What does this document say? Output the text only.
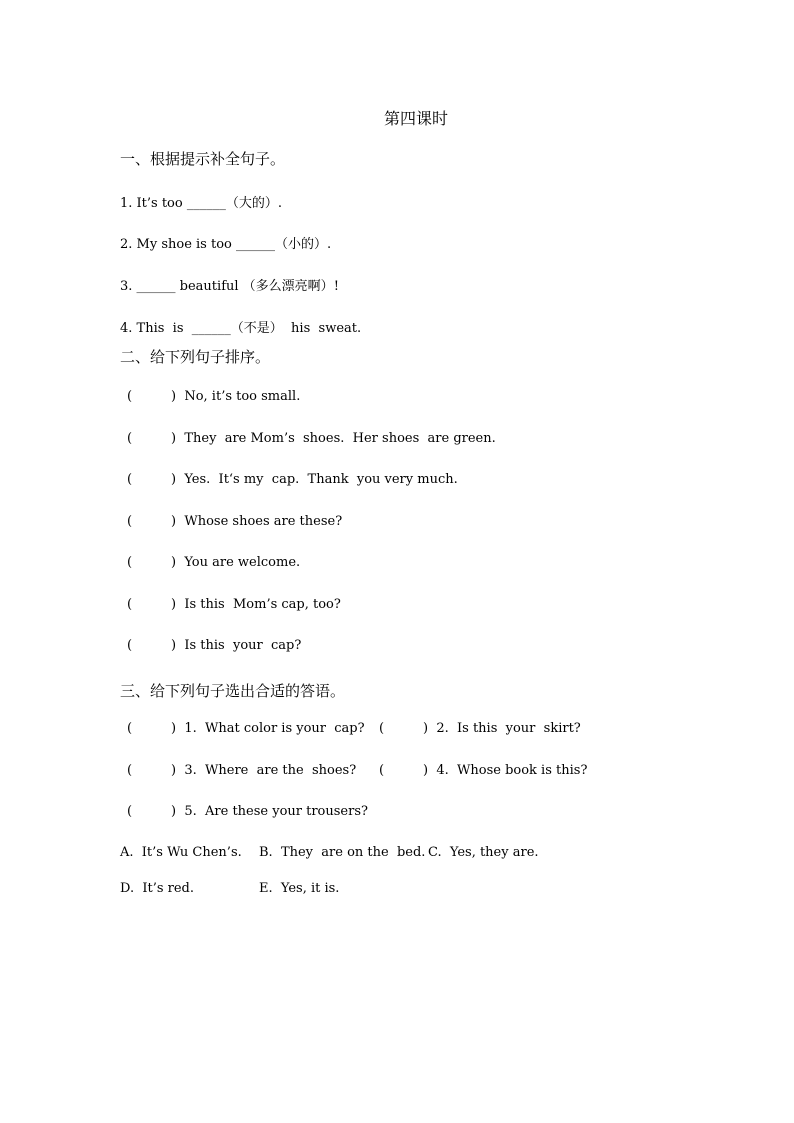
第四课时
一、根据提示补全句子。
1. It’s too ______（大的）.
2. My shoe is too ______（小的）.
3. ______ beautiful （多么漂亮啊）!
4. This  is  ______（不是）  his  sweat.
二、给下列句子排序。
(	) No, it’s too small.
(	) They  are Mom’s  shoes.  Her shoes  are green.
(	) Yes.  It‘s my  cap.  Thank  you very much.
(	) Whose shoes are these?
(	) You are welcome.
(	) Is this  Mom’s cap, too?
(	) Is this  your  cap?
三、给下列句子选出合适的答语。
(	) 1.  What color is your  cap? (	) 2.  Is this  your  skirt?
(	) 3.  Where  are the  shoes? (	) 4.  Whose book is this?
(	) 5.  Are these your trousers?
A.  It’s Wu Chen’s. B.  They  are on the  bed. C.  Yes, they are.
D.  It’s red.	E.  Yes, it is.
